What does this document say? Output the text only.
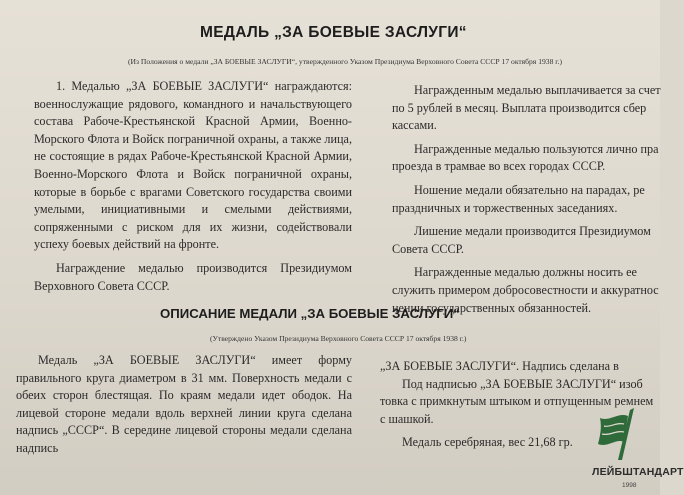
МЕДАЛЬ „ЗА БОЕВЫЕ ЗАСЛУГИ“
(Из Положения о медали „ЗА БОЕВЫЕ ЗАСЛУГИ“, утвержденного Указом Президиума Верховного Совета СССР 17 октября 1938 г.)

1. Медалью „ЗА БОЕВЫЕ ЗАСЛУГИ“ награждаются: военнослужащие рядового, командного и начальствующего состава Рабоче-Крестьянской Красной Армии, Военно-Морского Флота и Войск пограничной охраны, а также лица, не состоящие в рядах Рабоче-Крестьянской Красной Армии, Военно-Морского Флота и Войск пограничной охраны, которые в борьбе с врагами Советского государства своими умелыми, инициативными и смелыми действиями, сопряженными с риском для их жизни, содействовали успеху боевых действий на фронте.

Награждение медалью производится Президиумом Верховного Совета СССР.

Награжденным медалью выплачивается за счет

по 5 рублей в месяц. Выплата производится сбер

кассами.

Награжденные медалью пользуются лично пра

проезда в трамвае во всех городах СССР.

Ношение медали обязательно на парадах, ре

праздничных и торжественных заседаниях.

Лишение медали производится Президиумом

Совета СССР.

Награжденные медалью должны носить ее

служить примером добросовестности и аккуратнос

нении государственных обязанностей.

ОПИСАНИЕ МЕДАЛИ „ЗА БОЕВЫЕ ЗАСЛУГИ“
(Утверждено Указом Президиума Верховного Совета СССР 17 октября 1938 г.)

Медаль „ЗА БОЕВЫЕ ЗАСЛУГИ“ имеет форму правильного круга диаметром в 31 мм. Поверхность медали с обеих сторон блестящая. По краям медали идет ободок. На лицевой стороне медали вдоль верхней линии круга сделана надпись „СССР“. В середине лицевой стороны медали сделана надпись

„ЗА БОЕВЫЕ ЗАСЛУГИ“. Надпись сделана в

Под надписью „ЗА БОЕВЫЕ ЗАСЛУГИ“ изоб

товка с примкнутым штыком и отпущенным ремнем

с шашкой.

Медаль серебряная, вес 21,68 гр.

ЛЕЙБШТАНДАРТ
1998
